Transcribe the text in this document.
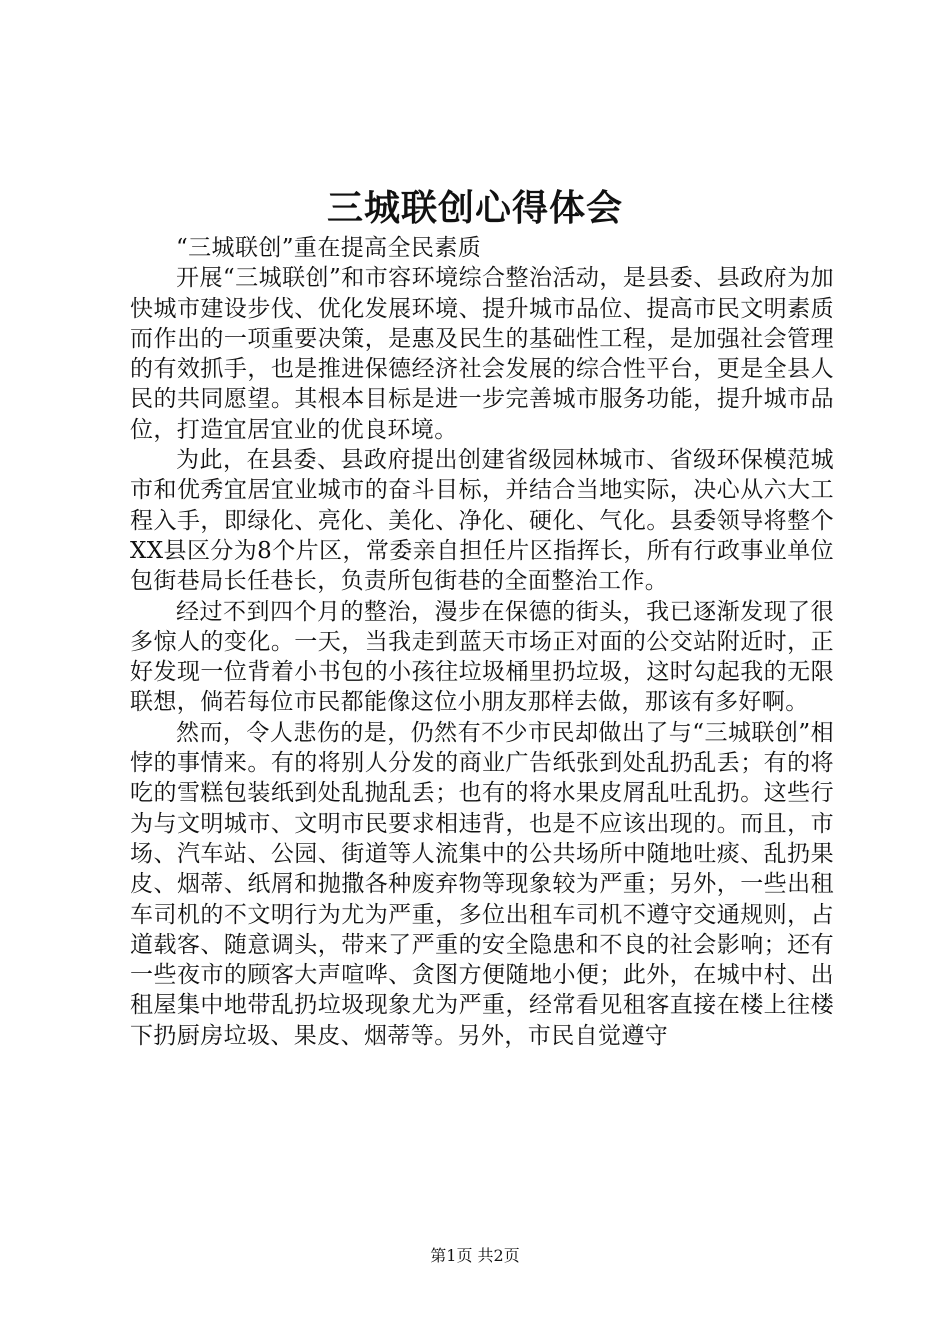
三城联创心得体会

“三城联创”重在提高全民素质

开展“三城联创”和市容环境综合整治活动，是县委、县政府为加快城市建设步伐、优化发展环境、提升城市品位、提高市民文明素质而作出的一项重要决策，是惠及民生的基础性工程，是加强社会管理的有效抓手，也是推进保德经济社会发展的综合性平台，更是全县人民的共同愿望。其根本目标是进一步完善城市服务功能，提升城市品位，打造宜居宜业的优良环境。

为此，在县委、县政府提出创建省级园林城市、省级环保模范城市和优秀宜居宜业城市的奋斗目标，并结合当地实际，决心从六大工程入手，即绿化、亮化、美化、净化、硬化、气化。县委领导将整个XX县区分为8个片区，常委亲自担任片区指挥长，所有行政事业单位包街巷局长任巷长，负责所包街巷的全面整治工作。

经过不到四个月的整治，漫步在保德的街头，我已逐渐发现了很多惊人的变化。一天，当我走到蓝天市场正对面的公交站附近时，正好发现一位背着小书包的小孩往垃圾桶里扔垃圾，这时勾起我的无限联想，倘若每位市民都能像这位小朋友那样去做，那该有多好啊。

然而，令人悲伤的是，仍然有不少市民却做出了与“三城联创”相悖的事情来。有的将别人分发的商业广告纸张到处乱扔乱丢；有的将吃的雪糕包装纸到处乱抛乱丢；也有的将水果皮屑乱吐乱扔。这些行为与文明城市、文明市民要求相违背，也是不应该出现的。而且，市场、汽车站、公园、街道等人流集中的公共场所中随地吐痰、乱扔果皮、烟蒂、纸屑和抛撒各种废弃物等现象较为严重；另外，一些出租车司机的不文明行为尤为严重，多位出租车司机不遵守交通规则，占道载客、随意调头，带来了严重的安全隐患和不良的社会影响；还有一些夜市的顾客大声喧哗、贪图方便随地小便；此外，在城中村、出租屋集中地带乱扔垃圾现象尤为严重，经常看见租客直接在楼上往楼下扔厨房垃圾、果皮、烟蒂等。另外，市民自觉遵守

第1页 共2页
